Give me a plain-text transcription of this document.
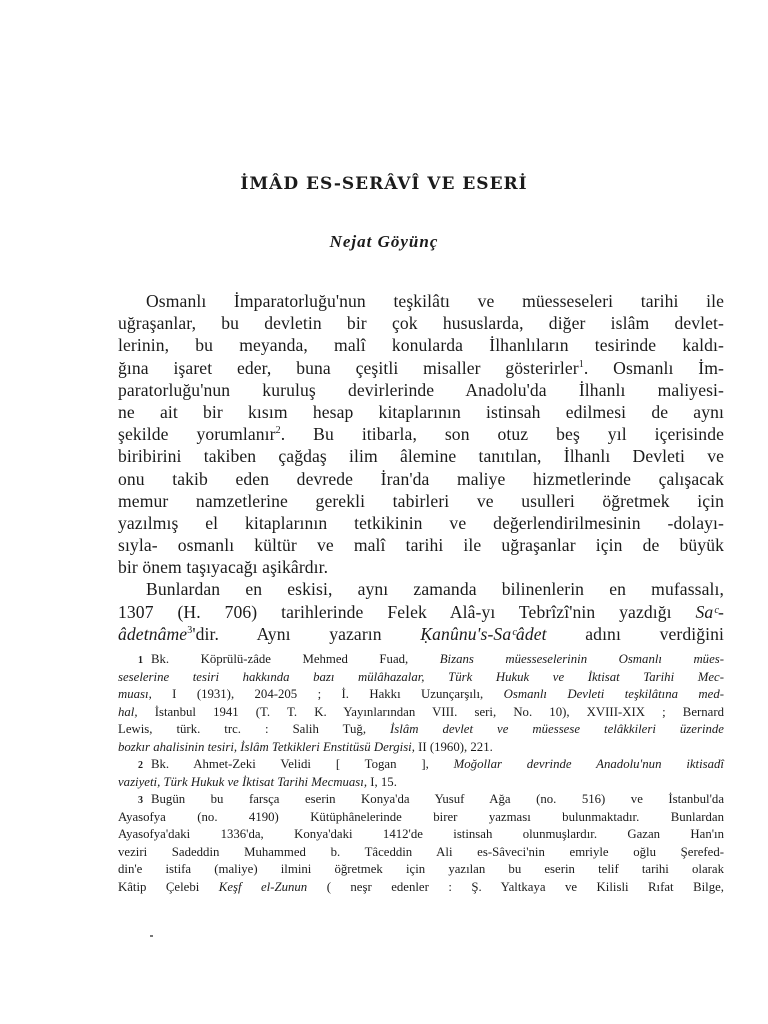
İMÂD ES-SERÂVÎ VE ESERİ
Nejat Göyünç
Osmanlı İmparatorluğu'nun teşkilâtı ve müesseseleri tarihi ile
uğraşanlar, bu devletin bir çok hususlarda, diğer islâm devlet-
lerinin, bu meyanda, malî konularda İlhanlıların tesirinde kaldı-
ğına işaret eder, buna çeşitli misaller gösterirler$^1$. Osmanlı İm-
paratorluğu'nun kuruluş devirlerinde Anadolu'da İlhanlı maliyesi-
ne ait bir kısım hesap kitaplarının istinsah edilmesi de aynı
şekilde yorumlanır$^2$. Bu itibarla, son otuz beş yıl içerisinde
biribirini takiben çağdaş ilim âlemine tanıtılan, İlhanlı Devleti ve
onu takib eden devrede İran'da maliye hizmetlerinde çalışacak
memur namzetlerine gerekli tabirleri ve usulleri öğretmek için
yazılmış el kitaplarının tetkikinin ve değerlendirilmesinin -dolayı-
sıyla- osmanlı kültür ve malî tarihi ile uğraşanlar için de büyük
bir önem taşıyacağı aşikârdır.
Bunlardan en eskisi, aynı zamanda bilinenlerin en mufassalı,
1307 (H. 706) tarihlerinde Felek Alâ-yı Tebrîzî'nin yazdığı Saᶜ-
âdetnâme$^3$'dir. Aynı yazarın Ḳanûnu's-Saᶜâdet adını verdiğini
1 Bk. Köprülü-zâde Mehmed Fuad, Bizans müesseselerinin Osmanlı mües-
seselerine tesiri hakkında bazı mülâhazalar, Türk Hukuk ve İktisat Tarihi Mec-
muası, I (1931), 204-205 ; İ. Hakkı Uzunçarşılı, Osmanlı Devleti teşkilâtına med-
hal, İstanbul 1941 (T. T. K. Yayınlarından VIII. seri, No. 10), XVIII-XIX ; Bernard
Lewis, türk. trc. : Salih Tuğ, İslâm devlet ve müessese telâkkileri üzerinde
bozkır ahalisinin tesiri, İslâm Tetkikleri Enstitüsü Dergisi, II (1960), 221.
2 Bk. Ahmet-Zeki Velidi [ Togan ], Moğollar devrinde Anadolu'nun iktisadî
vaziyeti, Türk Hukuk ve İktisat Tarihi Mecmuası, I, 15.
3 Bugün bu farsça eserin Konya'da Yusuf Ağa (no. 516) ve İstanbul'da
Ayasofya (no. 4190) Kütüphânelerinde birer yazması bulunmaktadır. Bunlardan
Ayasofya'daki 1336'da, Konya'daki 1412'de istinsah olunmuşlardır. Gazan Han'ın
veziri Sadeddin Muhammed b. Tâceddin Ali es-Sâveci'nin emriyle oğlu Şerefed-
din'e istifa (maliye) ilmini öğretmek için yazılan bu eserin telif tarihi olarak
Kâtip Çelebi Keşf el-Zunun ( neşr edenler : Ş. Yaltkaya ve Kilisli Rıfat Bilge,
